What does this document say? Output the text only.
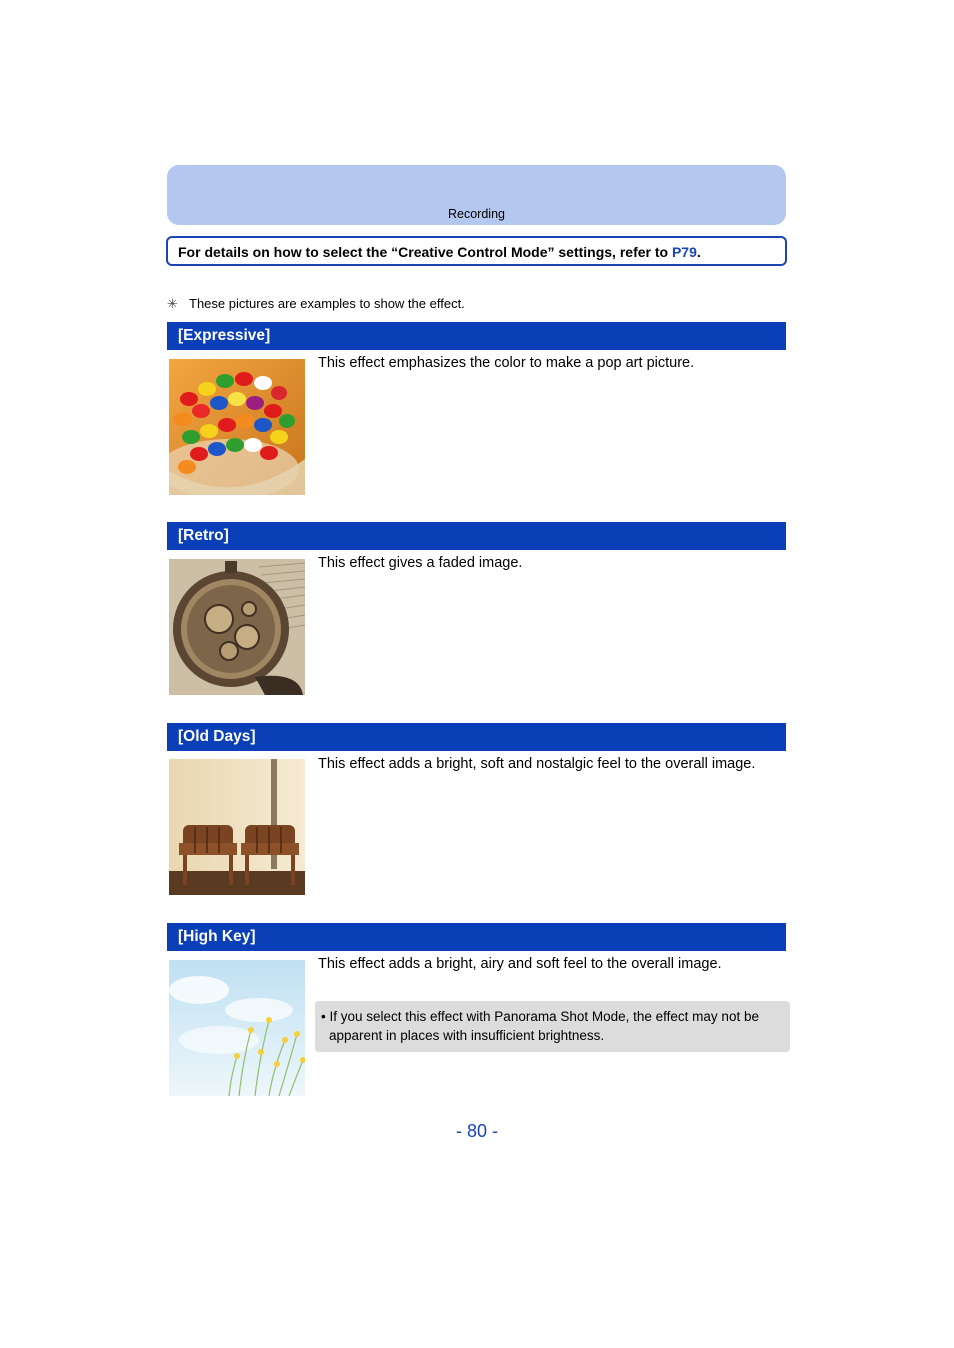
Recording
For details on how to select the “Creative Control Mode” settings, refer to P79.
✳ These pictures are examples to show the effect.
[Expressive]
This effect emphasizes the color to make a pop art picture.
[Retro]
This effect gives a faded image.
[Old Days]
This effect adds a bright, soft and nostalgic feel to the overall image.
[High Key]
This effect adds a bright, airy and soft feel to the overall image.
• If you select this effect with Panorama Shot Mode, the effect may not be
apparent in places with insufficient brightness.
- 80 -
